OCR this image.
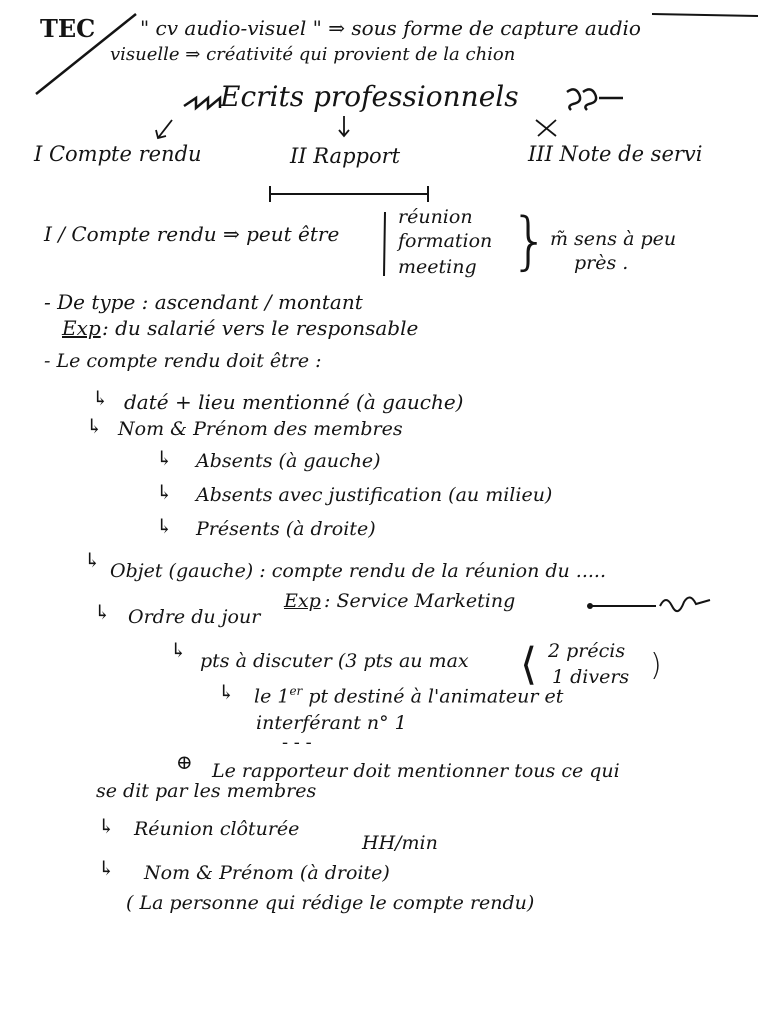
TEC " cv audio-visuel " ⇒ sous forme de capture audio
visuelle ⇒ créativité qui provient de la chion
Ecrits professionnels
I Compte rendu	II Rapport	III Note de servi
I / Compte rendu ⇒ peut être
réunion
formation
meeting } m̃ sens à peu
près .
- De type : ascendant / montant
Exp : du salarié vers le responsable
- Le compte rendu doit être :
↳ daté + lieu mentionné (à gauche)
↳ Nom & Prénom des membres
↳ Absents (à gauche)
↳ Absents avec justification (au milieu)
↳ Présents (à droite)
↳ Objet (gauche) : compte rendu de la réunion du .....
Exp : Service Marketing
↳ Ordre du jour
↳ pts à discuter (3 pts au max ⟨ 2 précis
1 divers )
↳ le 1er pt destiné à l'animateur et
interférant n° 1
- - -
⊕ Le rapporteur doit mentionner tous ce qui
se dit par les membres
↳ Réunion clôturée
HH/min
↳ Nom & Prénom (à droite)
( La personne qui rédige le compte rendu)
